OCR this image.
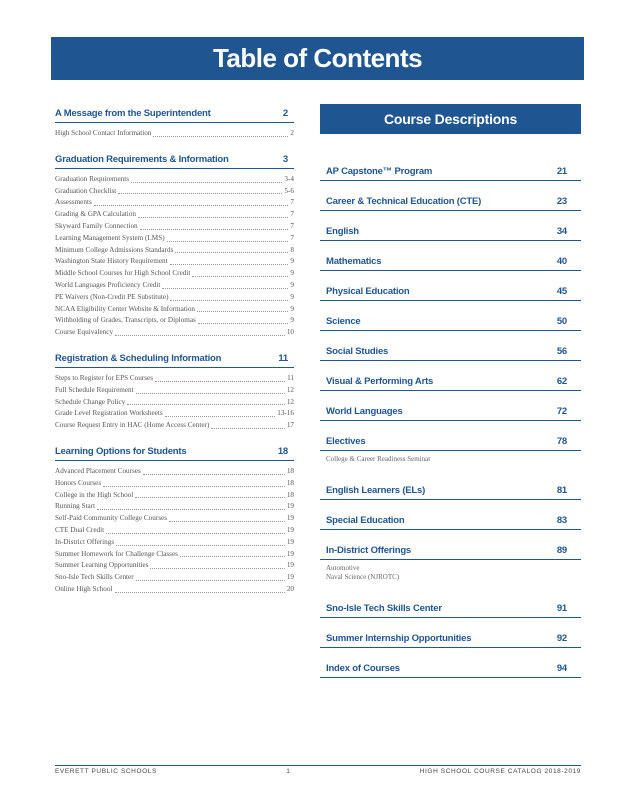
Table of Contents
A Message from the Superintendent	2
High School Contact Information	2
Graduation Requirements & Information	3
Graduation Requirements	3-4
Graduation Checklist	5-6
Assessments	7
Grading & GPA Calculation	7
Skyward Family Connection	7
Learning Management System (LMS)	7
Minimum College Admissions Standards	8
Washington State History Requirement	9
Middle School Courses for High School Credit	9
World Languages Proficiency Credit	9
PE Waivers (Non-Credit PE Substitute)	9
NCAA Eligibility Center Website & Information	9
Withholding of Grades, Transcripts, or Diplomas	9
Course Equivalency	10
Registration & Scheduling Information	11
Steps to Register for EPS Courses	11
Full Schedule Requirement	12
Schedule Change Policy	12
Grade Level Registration Worksheets	13-16
Course Request Entry in HAC (Home Access Center)	17
Learning Options for Students	18
Advanced Placement Courses	18
Honors Courses	18
College in the High School	18
Running Start	19
Self-Paid Community College Courses	19
CTE Dual Credit	19
In-District Offerings	19
Summer Homework for Challenge Classes	19
Summer Learning Opportunities	19
Sno-Isle Tech Skills Center	19
Online High School	20
Course Descriptions
AP Capstone™ Program	21
Career & Technical Education (CTE)	23
English	34
Mathematics	40
Physical Education	45
Science	50
Social Studies	56
Visual & Performing Arts	62
World Languages	72
Electives	78
College & Career Readiness Seminar
English Learners (ELs)	81
Special Education	83
In-District Offerings	89
Automotive
Naval Science (NJROTC)
Sno-Isle Tech Skills Center	91
Summer Internship Opportunities	92
Index of Courses	94
EVERETT PUBLIC SCHOOLS	1	HIGH SCHOOL COURSE CATALOG 2018-2019
